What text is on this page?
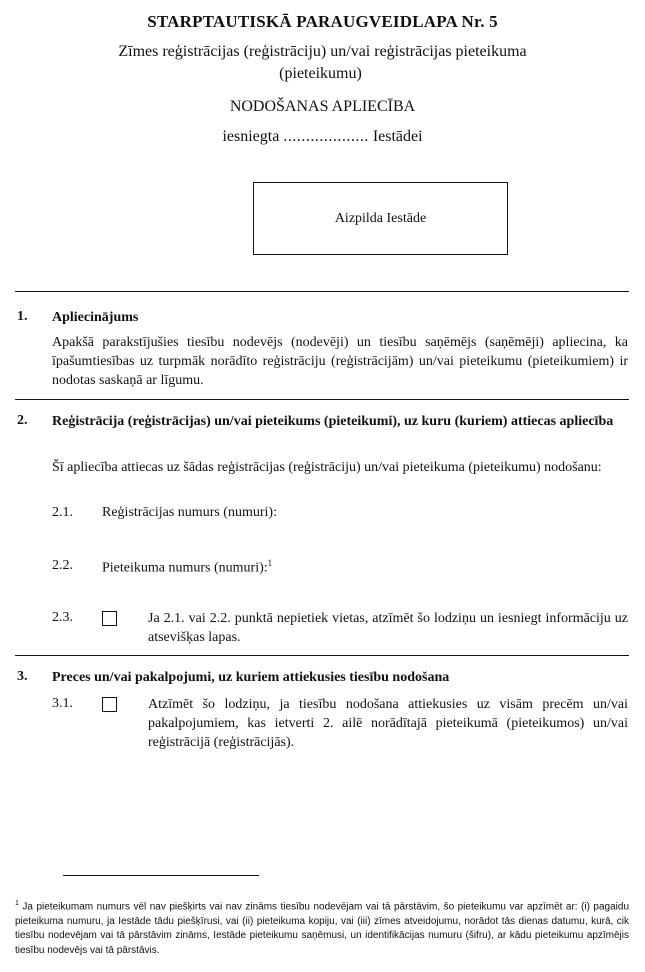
STARPTAUTISKĀ PARAUGVEIDLAPA Nr. 5
Zīmes reģistrācijas (reģistrāciju) un/vai reģistrācijas pieteikuma
(pieteikumu)
NODOŠANAS APLIECĪBA
iesniegta ................... Iestādei
Aizpilda Iestāde
1. Apliecinājums
Apakšā parakstījušies tiesību nodevējs (nodevēji) un tiesību saņēmējs (saņēmēji) apliecina, ka īpašumtiesības uz turpmāk norādīto reģistrāciju (reģistrācijām) un/vai pieteikumu (pieteikumiem) ir nodotas saskaņā ar līgumu.
2. Reģistrācija (reģistrācijas) un/vai pieteikums (pieteikumi), uz kuru (kuriem) attiecas apliecība
Šī apliecība attiecas uz šādas reģistrācijas (reģistrāciju) un/vai pieteikuma (pieteikumu) nodošanu:
2.1. Reģistrācijas numurs (numuri):
2.2. Pieteikuma numurs (numuri):$^1$
2.3.	Ja 2.1. vai 2.2. punktā nepietiek vietas, atzīmēt šo lodziņu un iesniegt informāciju uz atsevišķas lapas.
3. Preces un/vai pakalpojumi, uz kuriem attiekusies tiesību nodošana
3.1.	Atzīmēt šo lodziņu, ja tiesību nodošana attiekusies uz visām precēm un/vai pakalpojumiem, kas ietverti 2. ailē norādītajā pieteikumā (pieteikumos) un/vai reģistrācijā (reģistrācijās).
$^1$ Ja pieteikumam numurs vēl nav piešķirts vai nav zināms tiesību nodevējam vai tā pārstāvim, šo pieteikumu var apzīmēt ar: (i) pagaidu pieteikuma numuru, ja Iestāde tādu piešķīrusi, vai (ii) pieteikuma kopiju, vai (iii) zīmes atveidojumu, norādot tās dienas datumu, kurā, cik tiesību nodevējam vai tā pārstāvim zināms, Iestāde pieteikumu saņēmusi, un identifikācijas numuru (šifru), ar kādu pieteikumu apzīmējis tiesību nodevējs vai tā pārstāvis.
